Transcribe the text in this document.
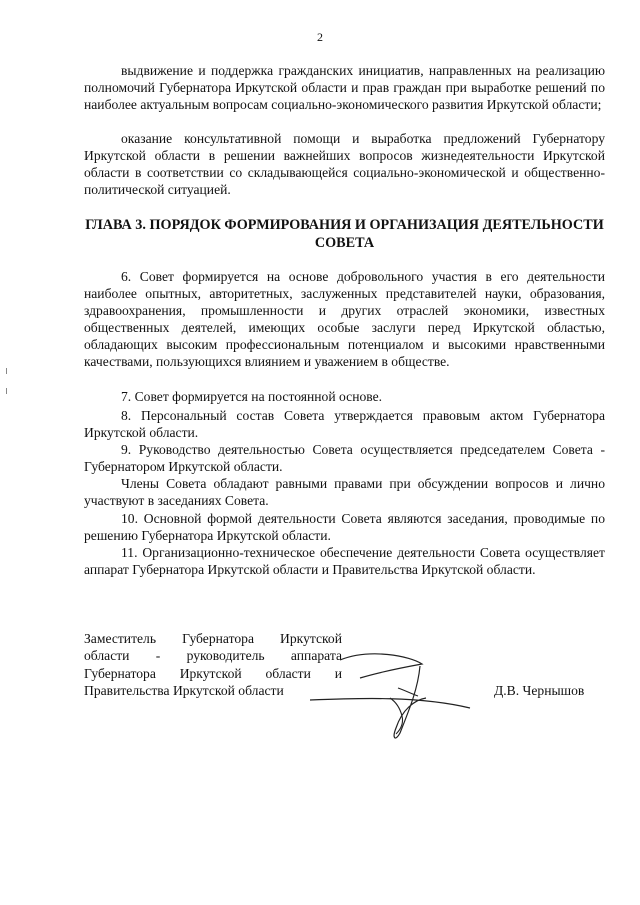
2

выдвижение и поддержка гражданских инициатив, направленных на реализацию полномочий Губернатора Иркутской области и прав граждан при выработке решений по наиболее актуальным вопросам социально-экономического развития Иркутской области;

оказание консультативной помощи и выработка предложений Губернатору Иркутской области в решении важнейших вопросов жизнедеятельности Иркутской области в соответствии со складывающейся социально-экономической и общественно-политической ситуацией.

ГЛАВА 3. ПОРЯДОК ФОРМИРОВАНИЯ И ОРГАНИЗАЦИЯ ДЕЯТЕЛЬНОСТИ СОВЕТА

6. Совет формируется на основе добровольного участия в его деятельности наиболее опытных, авторитетных, заслуженных представителей науки, образования, здравоохранения, промышленности и других отраслей экономики, известных общественных деятелей, имеющих особые заслуги перед Иркутской областью, обладающих высоким профессиональным потенциалом и высокими нравственными качествами, пользующихся влиянием и уважением в обществе.

7. Совет формируется на постоянной основе.

8. Персональный состав Совета утверждается правовым актом Губернатора Иркутской области.

9. Руководство деятельностью Совета осуществляется председателем Совета - Губернатором Иркутской области.

Члены Совета обладают равными правами при обсуждении вопросов и лично участвуют в заседаниях Совета.

10. Основной формой деятельности Совета являются заседания, проводимые по решению Губернатора Иркутской области.

11. Организационно-техническое обеспечение деятельности Совета осуществляет аппарат Губернатора Иркутской области и Правительства Иркутской области.

Заместитель Губернатора Иркутской
области - руководитель аппарата
Губернатора Иркутской области и
Правительства Иркутской области	Д.В. Чернышов
